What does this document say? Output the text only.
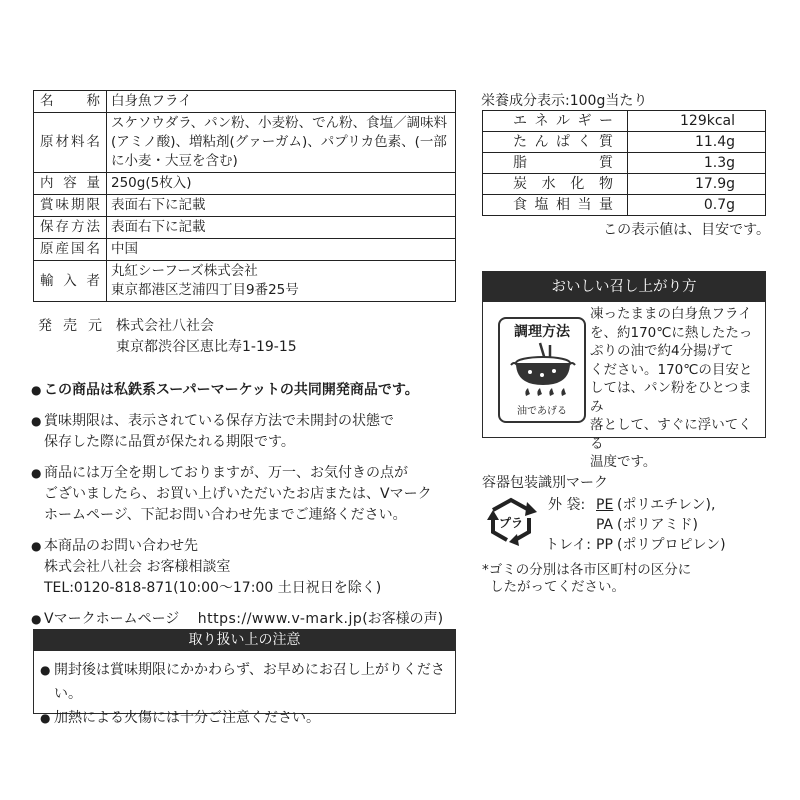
名　　称	白身魚フライ
原材料名	スケソウダラ、パン粉、小麦粉、でん粉、食塩／調味料
(アミノ酸)、増粘剤(グァーガム)、パプリカ色素、(一部
に小麦・大豆を含む)

内 容 量	250g(5枚入)
賞味期限	表面右下に記載
保存方法	表面右下に記載
原産国名	中国
輸 入 者	丸紅シーフーズ株式会社
東京都港区芝浦四丁目9番25号
発 売 元 株式会社八社会
東京都渋谷区恵比寿1-19-15
● この商品は私鉄系スーパーマーケットの共同開発商品です。
● 賞味期限は、表示されている保存方法で未開封の状態で
保存した際に品質が保たれる期限です。
● 商品には万全を期しておりますが、万一、お気付きの点が
ございましたら、お買い上げいただいたお店または、Vマーク
ホームページ、下記お問い合わせ先までご連絡ください。
● 本商品のお問い合わせ先
株式会社八社会 お客様相談室
TEL:0120-818-871(10:00〜17:00 土日祝日を除く)
● Vマークホームページ https://www.v-mark.jp(お客様の声)
取り扱い上の注意
● 開封後は賞味期限にかかわらず、お早めにお召し上がりください。
● 加熱による火傷には十分ご注意ください。
栄養成分表示:100g当たり
エネルギー	129kcal
たんぱく質	11.4g
脂　　質	1.3g
炭水化物	17.9g
食塩相当量	0.7g
この表示値は、目安です。
おいしい召し上がり方
調理方法
油であげる
凍ったままの白身魚フライ
を、約170℃に熱したたっ
ぷりの油で約4分揚げて
ください。170℃の目安と
しては、パン粉をひとつまみ
落として、すぐに浮いてくる
温度です。
容器包装識別マーク
プラ
外 袋: PE (ポリエチレン),
PA (ポリアミド)
トレイ: PP (ポリプロピレン)
*ゴミの分別は各市区町村の区分に
したがってください。
